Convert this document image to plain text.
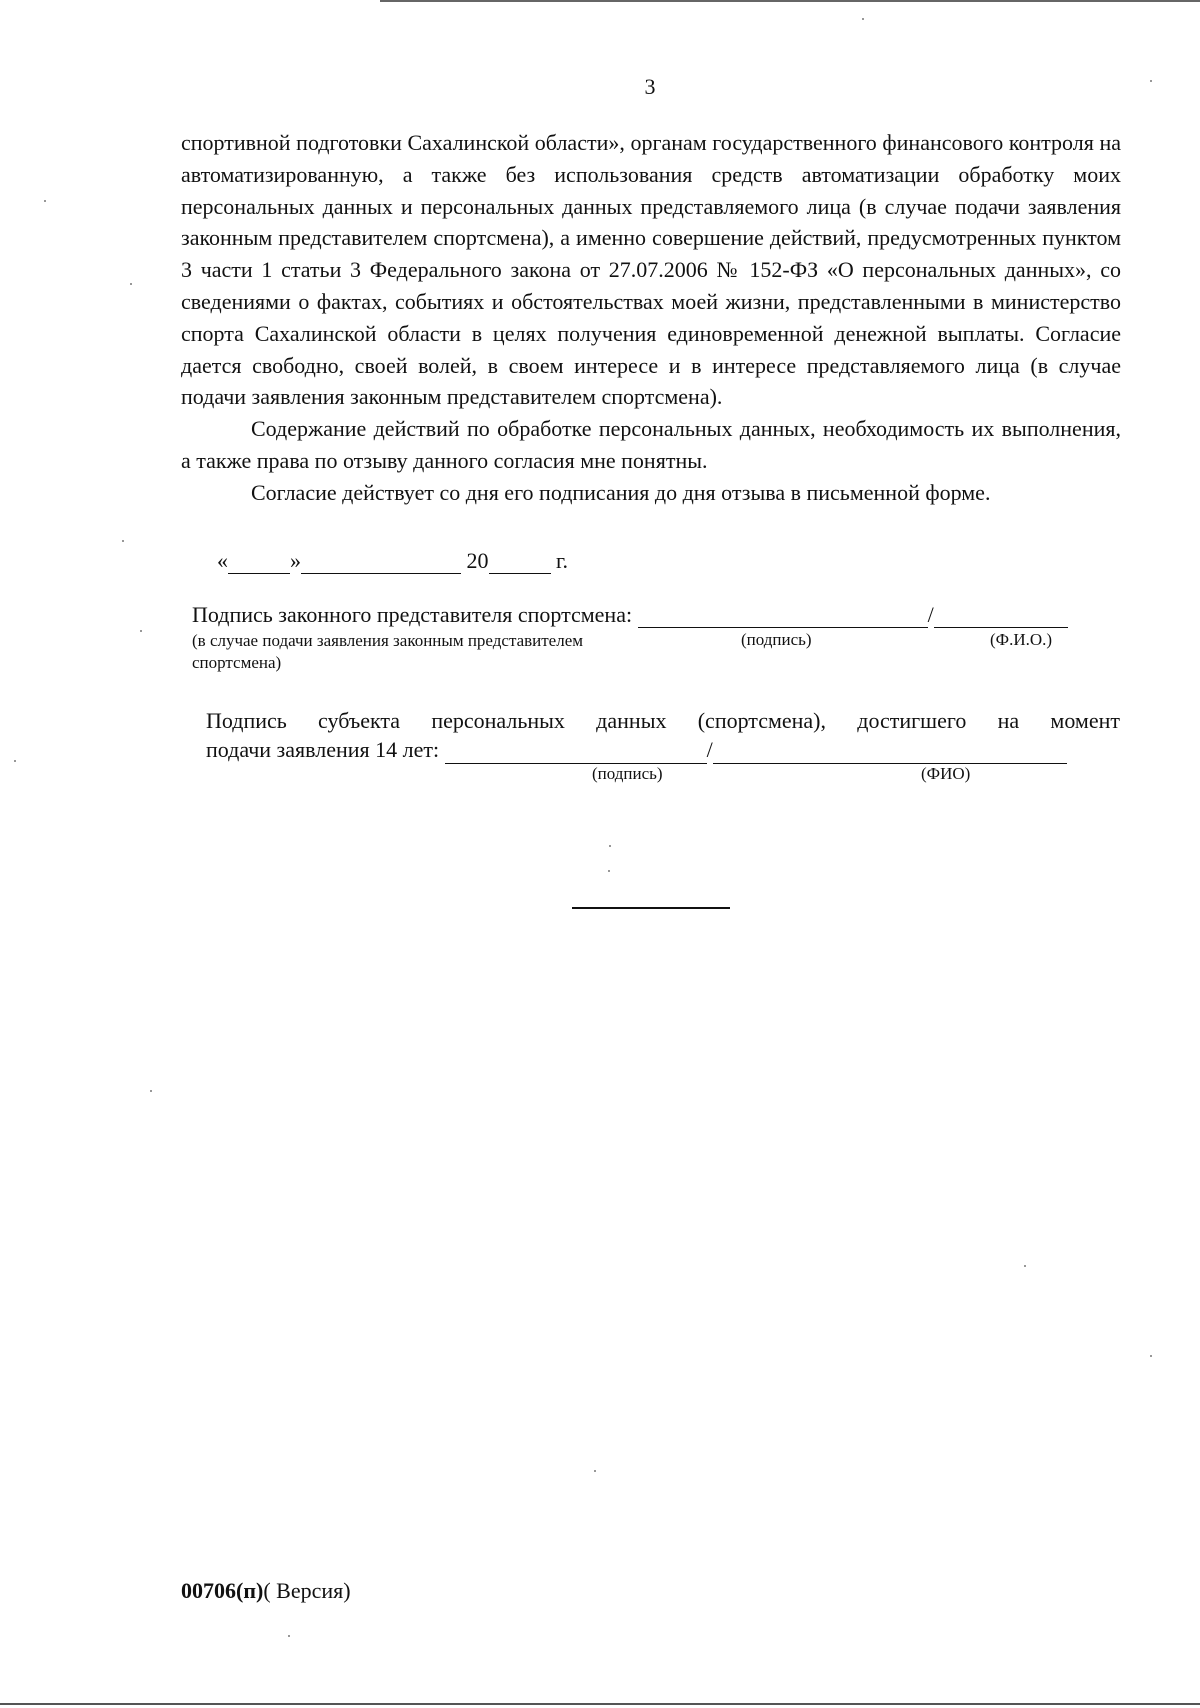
3

спортивной подготовки Сахалинской области», органам государственного финансового контроля на автоматизированную, а также без использования средств автоматизации обработку моих персональных данных и персональных данных представляемого лица (в случае подачи заявления законным представителем спортсмена), а именно совершение действий, предусмотренных пунктом 3 части 1 статьи 3 Федерального закона от 27.07.2006 № 152-ФЗ «О персональных данных», со сведениями о фактах, событиях и обстоятельствах моей жизни, представленными в министерство спорта Сахалинской области в целях получения единовременной денежной выплаты. Согласие дается свободно, своей волей, в своем интересе и в интересе представляемого лица (в случае подачи заявления законным представителем спортсмена).

Содержание действий по обработке персональных данных, необходимость их выполнения, а также права по отзыву данного согласия мне понятны.

Согласие действует со дня его подписания до дня отзыва в письменной форме.

«	»	20	г.
Подпись законного представителя спортсмена:	/
(в случае подачи заявления законным представителем спортсмена)
(подпись)	(Ф.И.О.)
Подпись субъекта персональных данных (спортсмена), достигшего на момент
подачи заявления 14 лет:	/
(подпись)	(ФИО)
00706(п)( Версия)
